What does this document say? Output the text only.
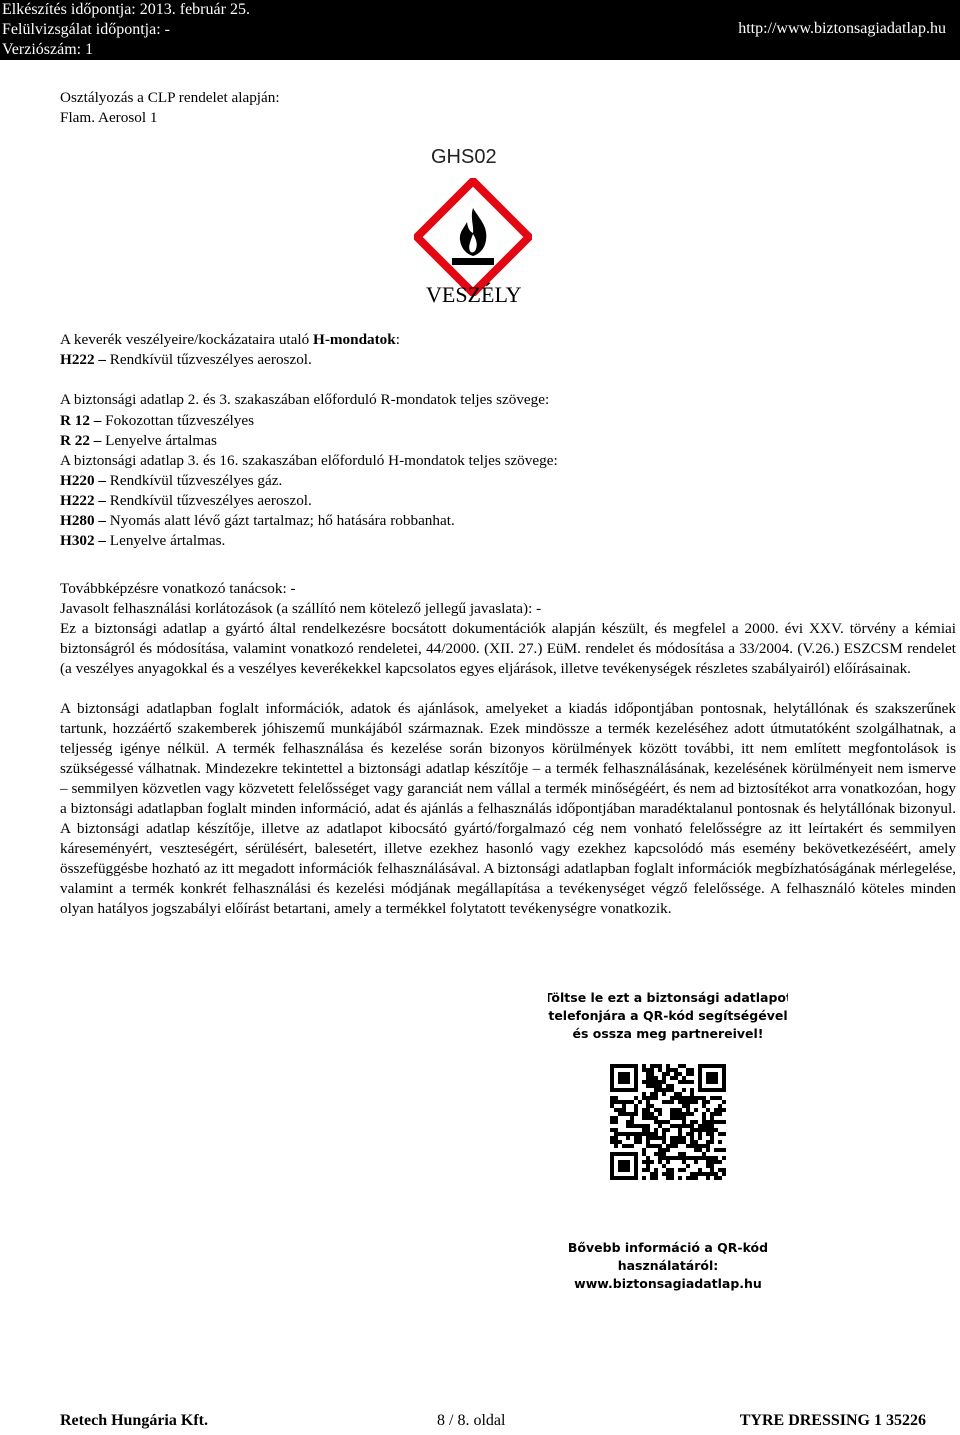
Elkészítés időpontja: 2013. február 25.
Felülvizsgálat időpontja: -
Verziószám: 1
http://www.biztonsagiadatlap.hu
Osztályozás a CLP rendelet alapján:
Flam. Aerosol 1
GHS02
VESZÉLY
A keverék veszélyeire/kockázataira utaló H-mondatok:
H222 – Rendkívül tűzveszélyes aeroszol.
A biztonsági adatlap 2. és 3. szakaszában előforduló R-mondatok teljes szövege:
R 12 – Fokozottan tűzveszélyes
R 22 – Lenyelve ártalmas
A biztonsági adatlap 3. és 16. szakaszában előforduló H-mondatok teljes szövege:
H220 – Rendkívül tűzveszélyes gáz.
H222 – Rendkívül tűzveszélyes aeroszol.
H280 – Nyomás alatt lévő gázt tartalmaz; hő hatására robbanhat.
H302 – Lenyelve ártalmas.
Továbbképzésre vonatkozó tanácsok: -
Javasolt felhasználási korlátozások (a szállító nem kötelező jellegű javaslata): -
Ez a biztonsági adatlap a gyártó által rendelkezésre bocsátott dokumentációk alapján készült, és megfelel a 2000. évi XXV. törvény a kémiai biztonságról és módosítása, valamint vonatkozó rendeletei, 44/2000. (XII. 27.) EüM. rendelet és módosítása a 33/2004. (V.26.) ESZCSM rendelet (a veszélyes anyagokkal és a veszélyes keverékekkel kapcsolatos egyes eljárások, illetve tevékenységek részletes szabályairól) előírásainak.
A biztonsági adatlapban foglalt információk, adatok és ajánlások, amelyeket a kiadás időpontjában pontosnak, helytállónak és szakszerűnek tartunk, hozzáértő szakemberek jóhiszemű munkájából származnak. Ezek mindössze a termék kezeléséhez adott útmutatóként szolgálhatnak, a teljesség igénye nélkül. A termék felhasználása és kezelése során bizonyos körülmények között további, itt nem említett megfontolások is szükségessé válhatnak. Mindezekre tekintettel a biztonsági adatlap készítője – a termék felhasználásának, kezelésének körülményeit nem ismerve – semmilyen közvetlen vagy közvetett felelősséget vagy garanciát nem vállal a termék minőségéért, és nem ad biztosítékot arra vonatkozóan, hogy a biztonsági adatlapban foglalt minden információ, adat és ajánlás a felhasználás időpontjában maradéktalanul pontosnak és helytállónak bizonyul. A biztonsági adatlap készítője, illetve az adatlapot kibocsátó gyártó/forgalmazó cég nem vonható felelősségre az itt leírtakért és semmilyen káreseményért, veszteségért, sérülésért, balesetért, illetve ezekhez hasonló vagy ezekhez kapcsolódó más esemény bekövetkezéséért, amely összefüggésbe hozható az itt megadott információk felhasználásával. A biztonsági adatlapban foglalt információk megbízhatóságának mérlegelése, valamint a termék konkrét felhasználási és kezelési módjának megállapítása a tevékenységet végző felelőssége. A felhasználó köteles minden olyan hatályos jogszabályi előírást betartani, amely a termékkel folytatott tevékenységre vonatkozik.
Töltse le ezt a biztonsági adatlapot
telefonjára a QR-kód segítségével
és ossza meg partnereivel!
Bővebb információ a QR-kód
használatáról:
www.biztonsagiadatlap.hu
Retech Hungária Kft.	8 / 8. oldal	TYRE DRESSING 1 35226
